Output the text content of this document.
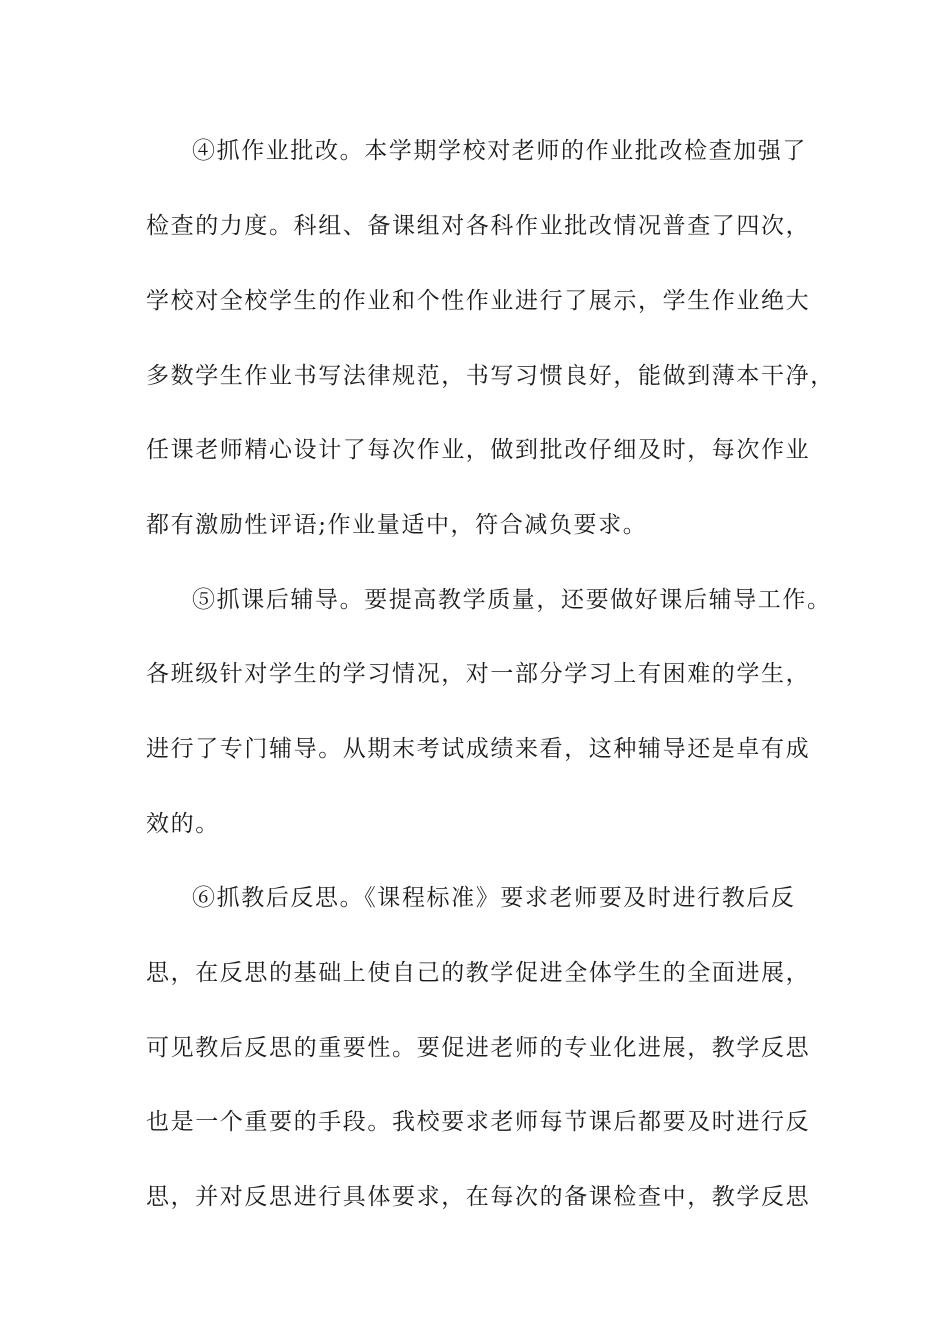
④抓作业批改。本学期学校对老师的作业批改检查加强了
检查的力度。科组、备课组对各科作业批改情况普查了四次，
学校对全校学生的作业和个性作业进行了展示，学生作业绝大
多数学生作业书写法律规范，书写习惯良好，能做到薄本干净，
任课老师精心设计了每次作业，做到批改仔细及时，每次作业
都有激励性评语;作业量适中，符合减负要求。
⑤抓课后辅导。要提高教学质量，还要做好课后辅导工作。
各班级针对学生的学习情况，对一部分学习上有困难的学生，
进行了专门辅导。从期末考试成绩来看，这种辅导还是卓有成
效的。
⑥抓教后反思。《课程标准》要求老师要及时进行教后反
思，在反思的基础上使自己的教学促进全体学生的全面进展，
可见教后反思的重要性。要促进老师的专业化进展，教学反思
也是一个重要的手段。我校要求老师每节课后都要及时进行反
思，并对反思进行具体要求，在每次的备课检查中，教学反思
